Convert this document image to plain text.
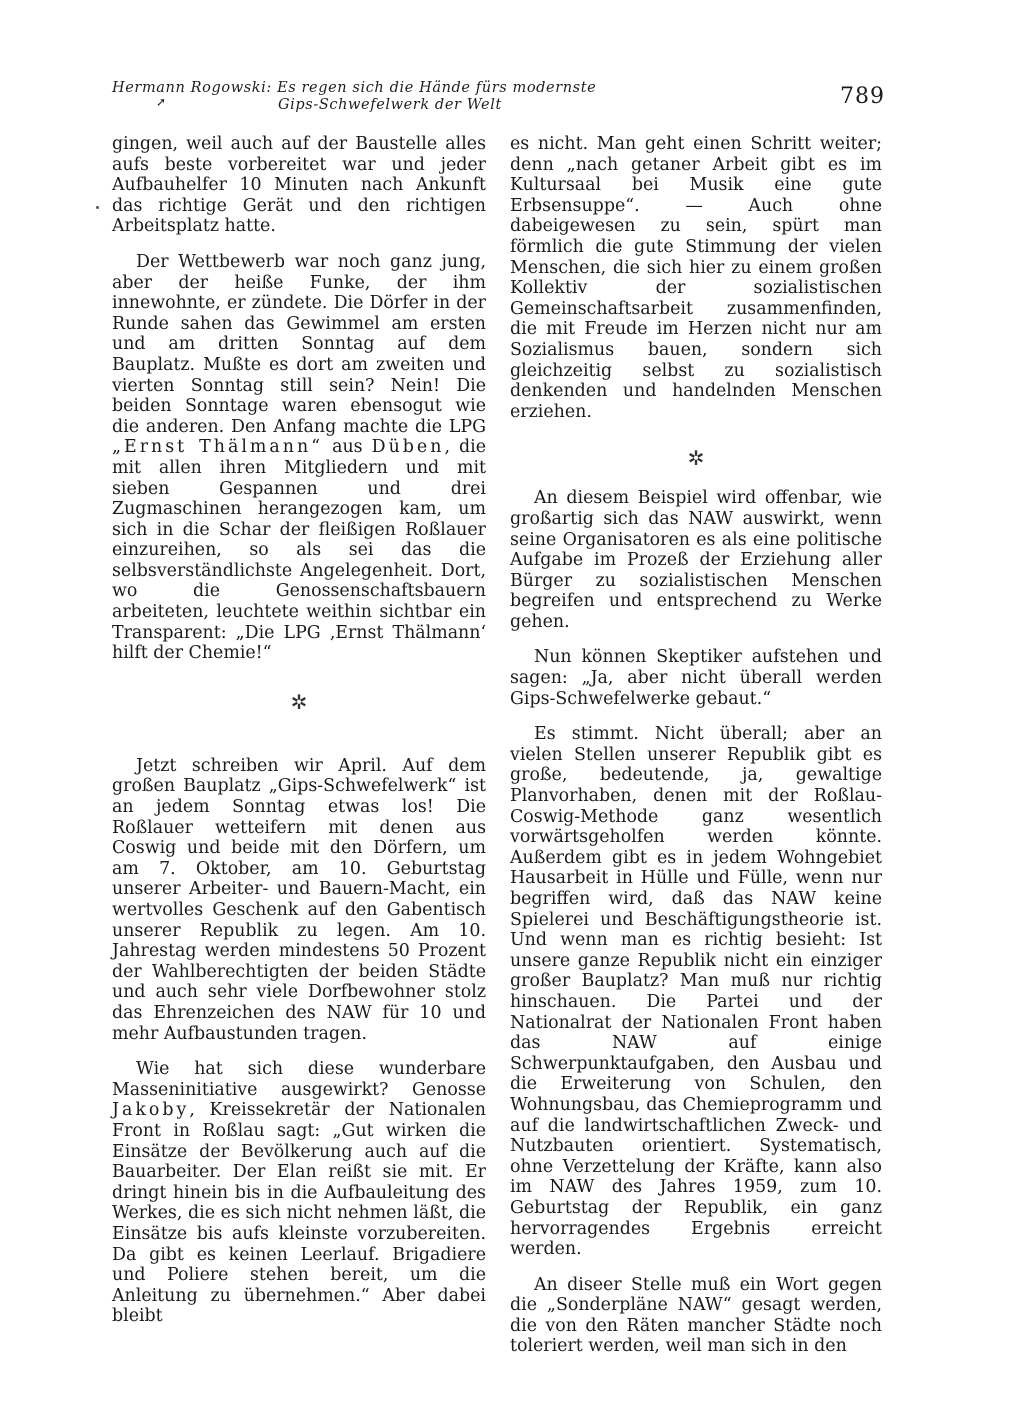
Hermann Rogowski: Es regen sich die Hände fürs modernste
Gips-Schwefelwerk der Welt
➚	789

gingen, weil auch auf der Baustelle alles aufs beste vorbereitet war und jeder Aufbauhelfer 10 Minuten nach Ankunft das richtige Gerät und den richtigen Arbeitsplatz hatte.

Der Wettbewerb war noch ganz jung, aber der heiße Funke, der ihm innewohnte, er zündete. Die Dörfer in der Runde sahen das Gewimmel am ersten und am dritten Sonntag auf dem Bauplatz. Mußte es dort am zweiten und vierten Sonntag still sein? Nein! Die beiden Sonntage waren ebensogut wie die anderen. Den Anfang machte die LPG „Ernst Thälmann“ aus Düben, die mit allen ihren Mitgliedern und mit sieben Gespannen und drei Zugmaschinen herangezogen kam, um sich in die Schar der fleißigen Roßlauer einzureihen, so als sei das die selbsverständlichste Angelegenheit. Dort, wo die Genossenschaftsbauern arbeiteten, leuchtete weithin sichtbar ein Transparent: „Die LPG ‚Ernst Thälmann‘ hilft der Chemie!“

✲

Jetzt schreiben wir April. Auf dem großen Bauplatz „Gips-Schwefelwerk“ ist an jedem Sonntag etwas los! Die Roßlauer wetteifern mit denen aus Coswig und beide mit den Dörfern, um am 7. Oktober, am 10. Geburtstag unserer Arbeiter- und Bauern-Macht, ein wertvolles Geschenk auf den Gabentisch unserer Republik zu legen. Am 10. Jahrestag werden mindestens 50 Prozent der Wahlberechtigten der beiden Städte und auch sehr viele Dorfbewohner stolz das Ehrenzeichen des NAW für 10 und mehr Aufbaustunden tragen.

Wie hat sich diese wunderbare Masseninitiative ausgewirkt? Genosse Jakoby, Kreissekretär der Nationalen Front in Roßlau sagt: „Gut wirken die Einsätze der Bevölkerung auch auf die Bauarbeiter. Der Elan reißt sie mit. Er dringt hinein bis in die Aufbauleitung des Werkes, die es sich nicht nehmen läßt, die Einsätze bis aufs kleinste vorzubereiten. Da gibt es keinen Leerlauf. Brigadiere und Poliere stehen bereit, um die Anleitung zu übernehmen.“ Aber dabei bleibt

es nicht. Man geht einen Schritt weiter; denn „nach getaner Arbeit gibt es im Kultursaal bei Musik eine gute Erbsensuppe“. — Auch ohne dabeigewesen zu sein, spürt man förmlich die gute Stimmung der vielen Menschen, die sich hier zu einem großen Kollektiv der sozialistischen Gemeinschaftsarbeit zusammenfinden, die mit Freude im Herzen nicht nur am Sozialismus bauen, sondern sich gleichzeitig selbst zu sozialistisch denkenden und handelnden Menschen erziehen.

✲

An diesem Beispiel wird offenbar, wie großartig sich das NAW auswirkt, wenn seine Organisatoren es als eine politische Aufgabe im Prozeß der Erziehung aller Bürger zu sozialistischen Menschen begreifen und entsprechend zu Werke gehen.

Nun können Skeptiker aufstehen und sagen: „Ja, aber nicht überall werden Gips-Schwefelwerke gebaut.“

Es stimmt. Nicht überall; aber an vielen Stellen unserer Republik gibt es große, bedeutende, ja, gewaltige Planvorhaben, denen mit der Roßlau-Coswig-Methode ganz wesentlich vorwärtsgeholfen werden könnte. Außerdem gibt es in jedem Wohngebiet Hausarbeit in Hülle und Fülle, wenn nur begriffen wird, daß das NAW keine Spielerei und Beschäftigungstheorie ist. Und wenn man es richtig besieht: Ist unsere ganze Republik nicht ein einziger großer Bauplatz? Man muß nur richtig hinschauen. Die Partei und der Nationalrat der Nationalen Front haben das NAW auf einige Schwerpunktaufgaben, den Ausbau und die Erweiterung von Schulen, den Wohnungsbau, das Chemieprogramm und auf die landwirtschaftlichen Zweck- und Nutzbauten orientiert. Systematisch, ohne Verzettelung der Kräfte, kann also im NAW des Jahres 1959, zum 10. Geburtstag der Republik, ein ganz hervorragendes Ergebnis erreicht werden.

An diseer Stelle muß ein Wort gegen die „Sonderpläne NAW“ gesagt werden, die von den Räten mancher Städte noch toleriert werden, weil man sich in den
